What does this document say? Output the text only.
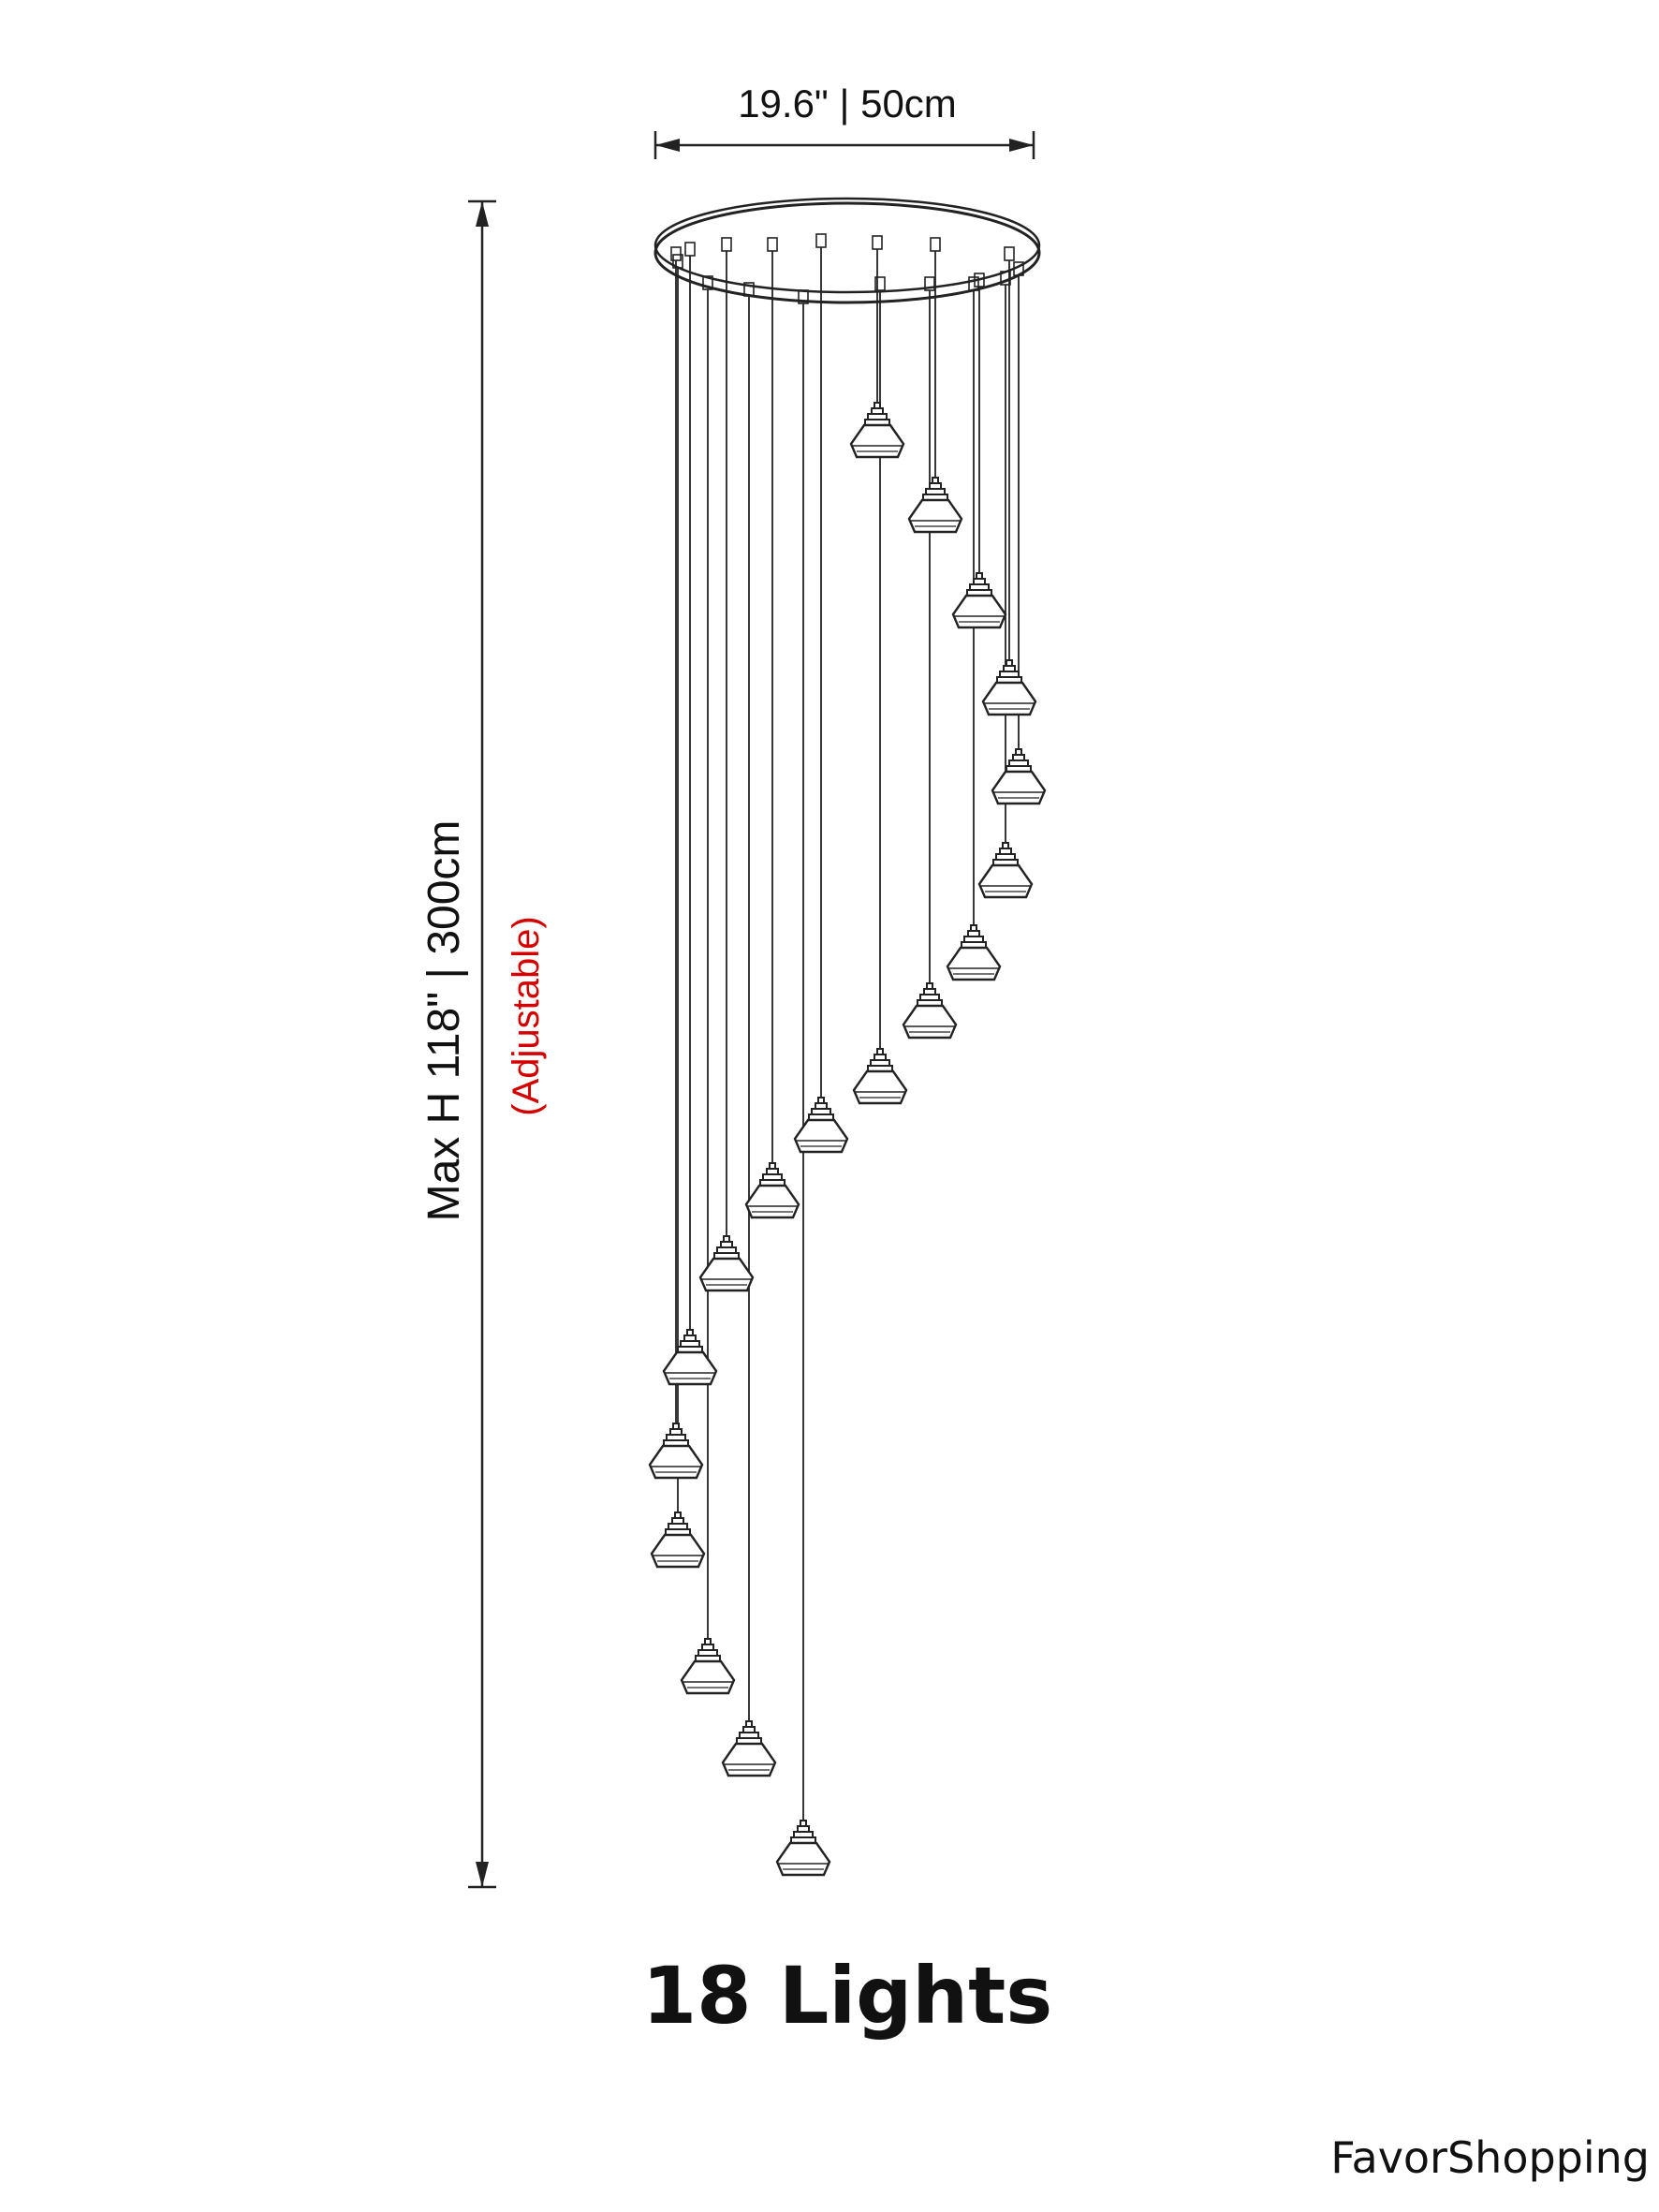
19.6" | 50cm
Max H 118" | 300cm (Adjustable)
18 Lights
FavorShopping
